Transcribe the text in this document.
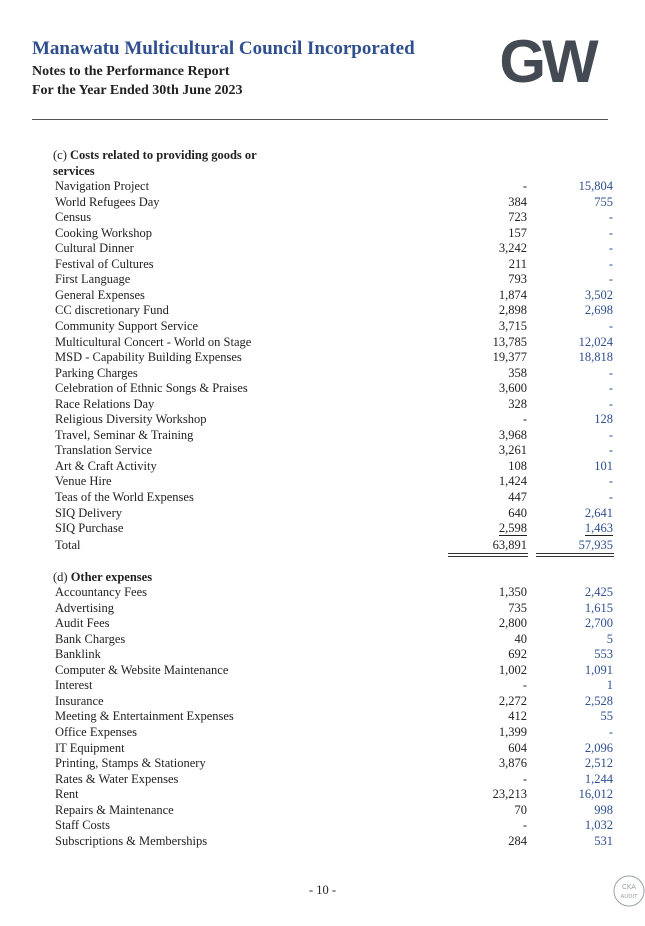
Manawatu Multicultural Council Incorporated
Notes to the Performance Report
For the Year Ended 30th June 2023	GW
(c) Costs related to providing goods or services
Navigation Project	-	15,804
World Refugees Day	384	755
Census	723	-
Cooking Workshop	157	-
Cultural Dinner	3,242	-
Festival of Cultures	211	-
First Language	793	-
General Expenses	1,874	3,502
CC discretionary Fund	2,898	2,698
Community Support Service	3,715	-
Multicultural Concert - World on Stage	13,785	12,024
MSD - Capability Building Expenses	19,377	18,818
Parking Charges	358	-
Celebration of Ethnic Songs & Praises	3,600	-
Race Relations Day	328	-
Religious Diversity Workshop	-	128
Travel, Seminar & Training	3,968	-
Translation Service	3,261	-
Art & Craft Activity	108	101
Venue Hire	1,424	-
Teas of the World Expenses	447	-
SIQ Delivery	640	2,641
SIQ Purchase	2,598	1,463
Total	63,891	57,935
(d) Other expenses
Accountancy Fees	1,350	2,425
Advertising	735	1,615
Audit Fees	2,800	2,700
Bank Charges	40	5
Banklink	692	553
Computer & Website Maintenance	1,002	1,091
Interest	-	1
Insurance	2,272	2,528
Meeting & Entertainment Expenses	412	55
Office Expenses	1,399	-
IT Equipment	604	2,096
Printing, Stamps & Stationery	3,876	2,512
Rates & Water Expenses	-	1,244
Rent	23,213	16,012
Repairs & Maintenance	70	998
Staff Costs	-	1,032
Subscriptions & Memberships	284	531
- 10 -	CKA
AUDIT
